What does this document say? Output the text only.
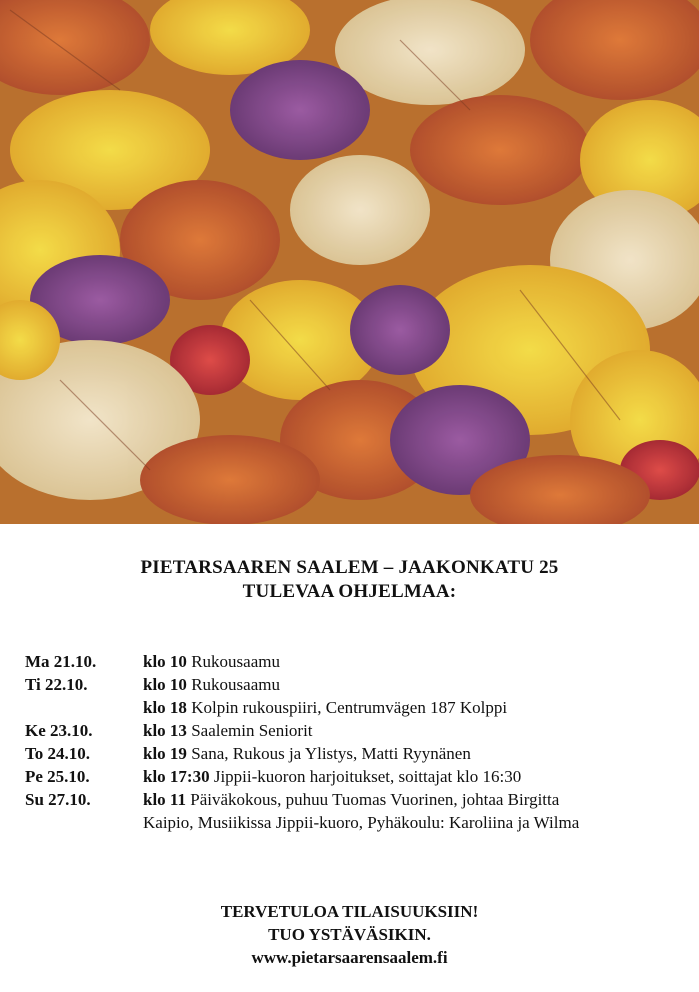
PIETARSAAREN SAALEM – JAAKONKATU 25
TULEVAA OHJELMAA:
Ma 21.10.	klo 10 Rukousaamu
Ti 22.10.	klo 10 Rukousaamu
klo 18 Kolpin rukouspiiri, Centrumvägen 187 Kolppi
Ke 23.10.	klo 13 Saalemin Seniorit
To 24.10.	klo 19 Sana, Rukous ja Ylistys, Matti Ryynänen
Pe 25.10.	klo 17:30 Jippii-kuoron harjoitukset, soittajat klo 16:30
Su 27.10.	klo 11 Päiväkokous, puhuu Tuomas Vuorinen, johtaa Birgitta
Kaipio, Musiikissa Jippii-kuoro, Pyhäkoulu: Karoliina ja Wilma
TERVETULOA TILAISUUKSIIN!
TUO YSTÄVÄSIKIN.
www.pietarsaarensaalem.fi
